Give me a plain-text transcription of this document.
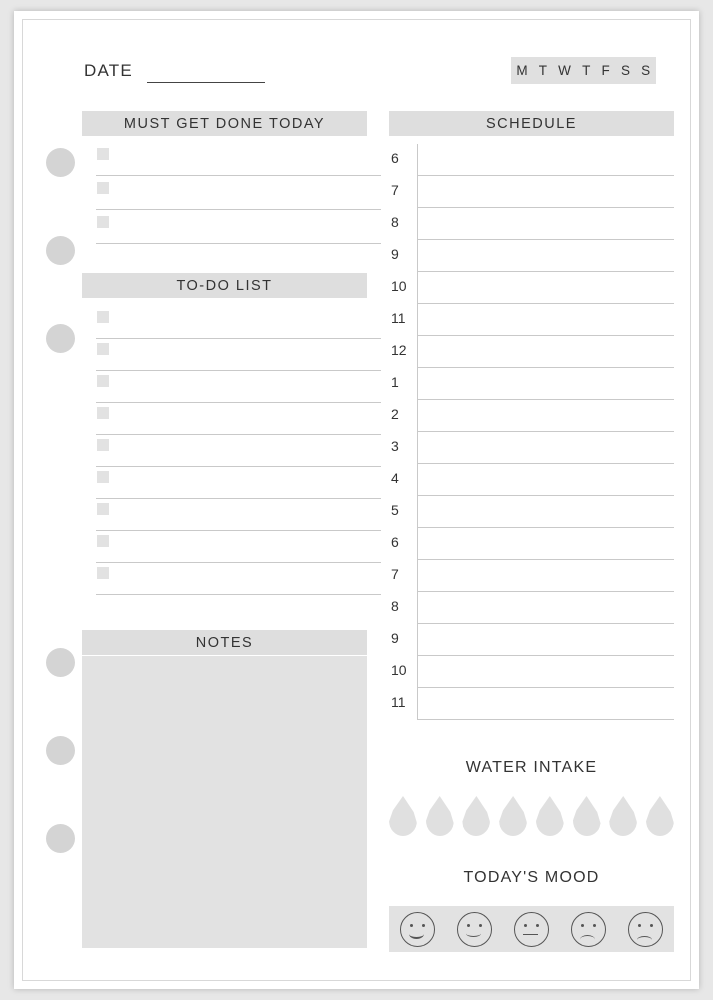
DATE	M T W T F S S
MUST GET DONE TODAY
TO-DO LIST
NOTES
SCHEDULE
6
7
8
9
10
11
12
1
2
3
4
5
6
7
8
9
10
11
WATER INTAKE
TODAY'S MOOD
